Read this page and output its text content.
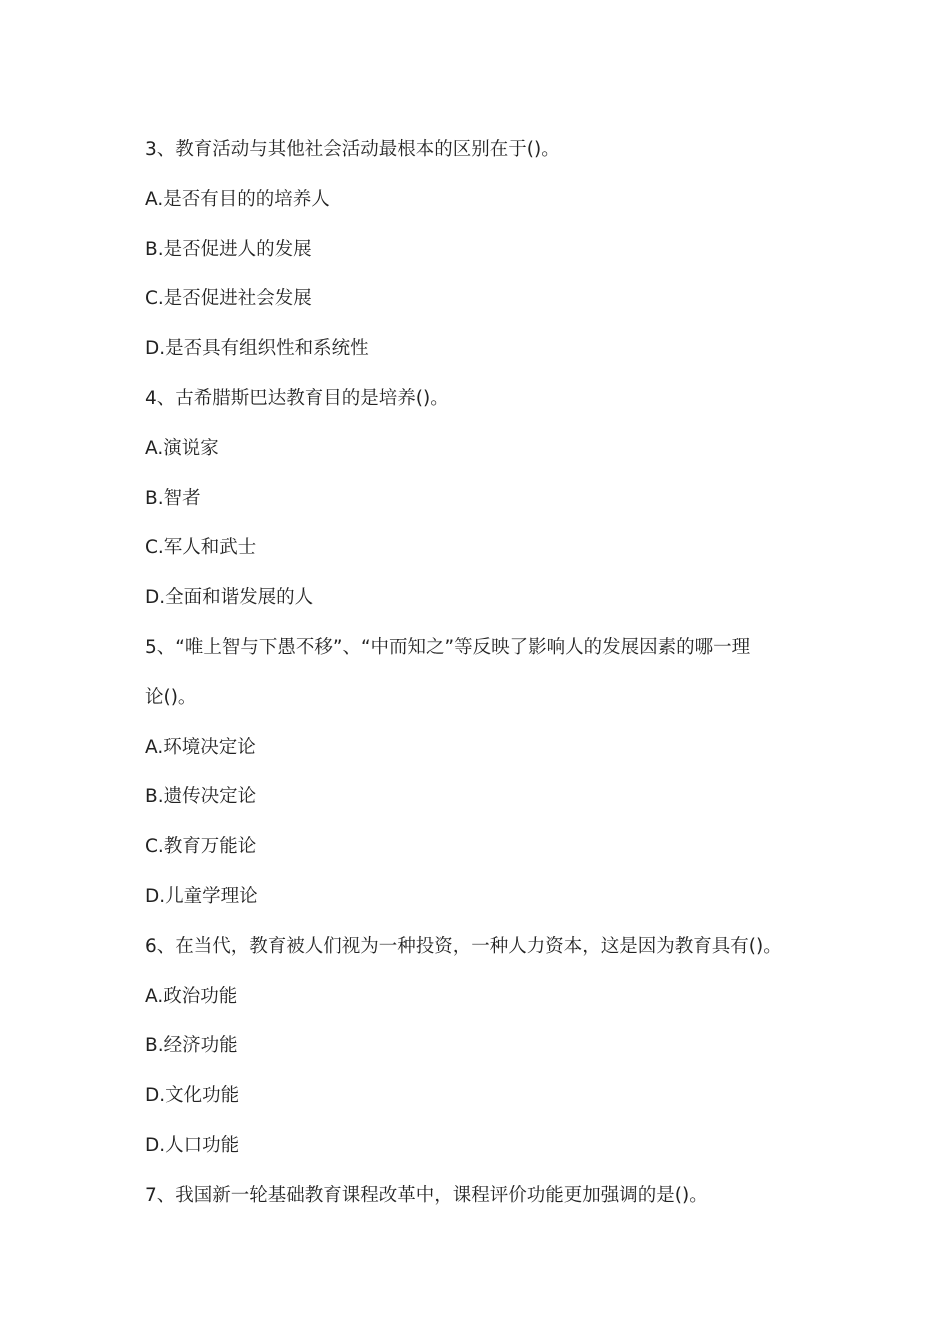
3、教育活动与其他社会活动最根本的区别在于()。
A.是否有目的的培养人
B.是否促进人的发展
C.是否促进社会发展
D.是否具有组织性和系统性
4、古希腊斯巴达教育目的是培养()。
A.演说家
B.智者
C.军人和武士
D.全面和谐发展的人
5、“唯上智与下愚不移”、“中而知之”等反映了影响人的发展因素的哪一理
论()。
A.环境决定论
B.遗传决定论
C.教育万能论
D.儿童学理论
6、在当代，教育被人们视为一种投资，一种人力资本，这是因为教育具有()。
A.政治功能
B.经济功能
D.文化功能
D.人口功能
7、我国新一轮基础教育课程改革中，课程评价功能更加强调的是()。
